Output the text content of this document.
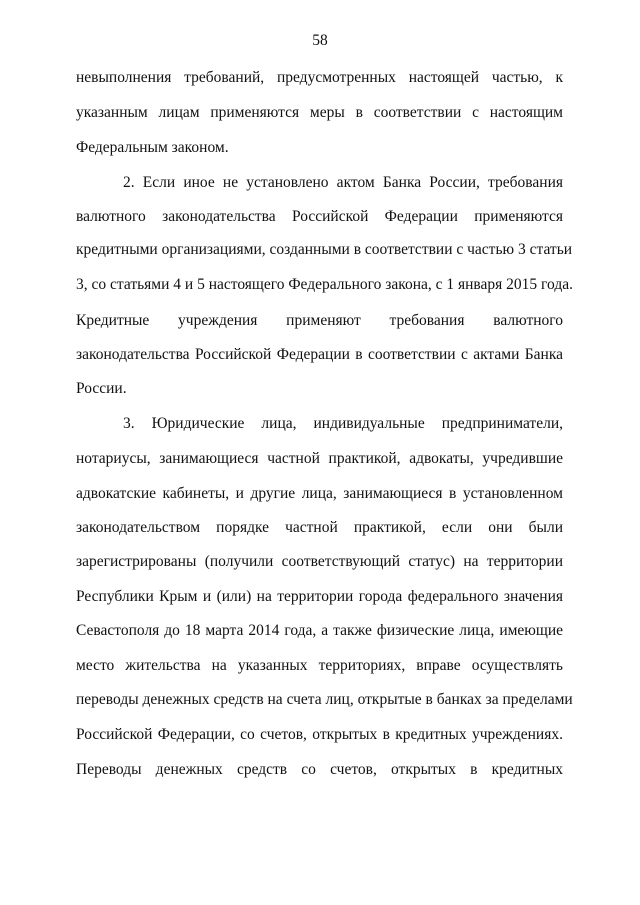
58
невыполнения требований, предусмотренных настоящей частью, к
указанным лицам применяются меры в соответствии с настоящим
Федеральным законом.
2. Если иное не установлено актом Банка России, требования
валютного законодательства Российской Федерации применяются
кредитными организациями, созданными в соответствии с частью 3 статьи
3, со статьями 4 и 5 настоящего Федерального закона, с 1 января 2015 года.
Кредитные учреждения применяют требования валютного
законодательства Российской Федерации в соответствии с актами Банка
России.
3. Юридические лица, индивидуальные предприниматели,
нотариусы, занимающиеся частной практикой, адвокаты, учредившие
адвокатские кабинеты, и другие лица, занимающиеся в установленном
законодательством порядке частной практикой, если они были
зарегистрированы (получили соответствующий статус) на территории
Республики Крым и (или) на территории города федерального значения
Севастополя до 18 марта 2014 года, а также физические лица, имеющие
место жительства на указанных территориях, вправе осуществлять
переводы денежных средств на счета лиц, открытые в банках за пределами
Российской Федерации, со счетов, открытых в кредитных учреждениях.
Переводы денежных средств со счетов, открытых в кредитных
